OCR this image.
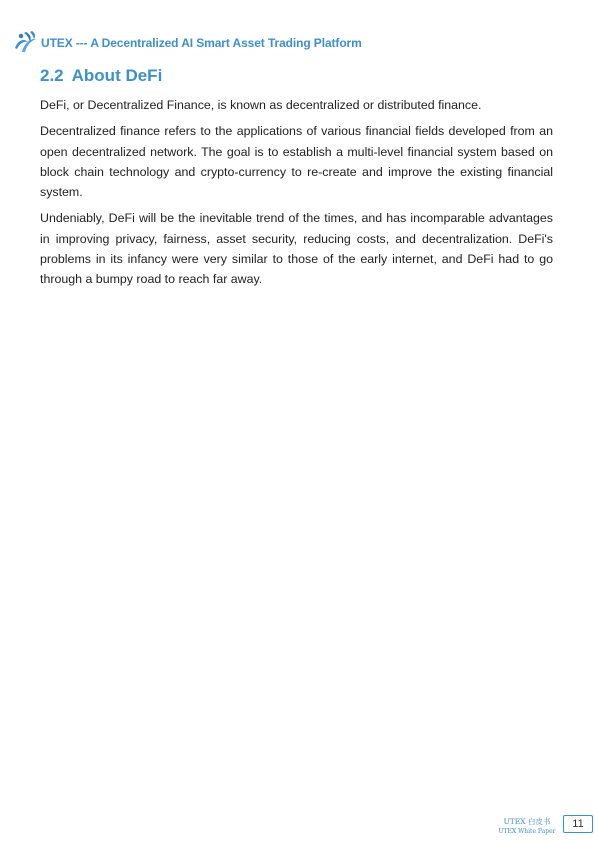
UTEX --- A Decentralized AI Smart Asset Trading Platform
2.2 About DeFi

DeFi, or Decentralized Finance, is known as decentralized or distributed finance.

Decentralized finance refers to the applications of various financial fields developed from an open decentralized network. The goal is to establish a multi-level financial system based on block chain technology and crypto-currency to re-create and improve the existing financial system.

Undeniably, DeFi will be the inevitable trend of the times, and has incomparable advantages in improving privacy, fairness, asset security, reducing costs, and decentralization. DeFi's problems in its infancy were very similar to those of the early internet, and DeFi had to go through a bumpy road to reach far away.

UTEX 白皮书
UTEX White Paper
11
